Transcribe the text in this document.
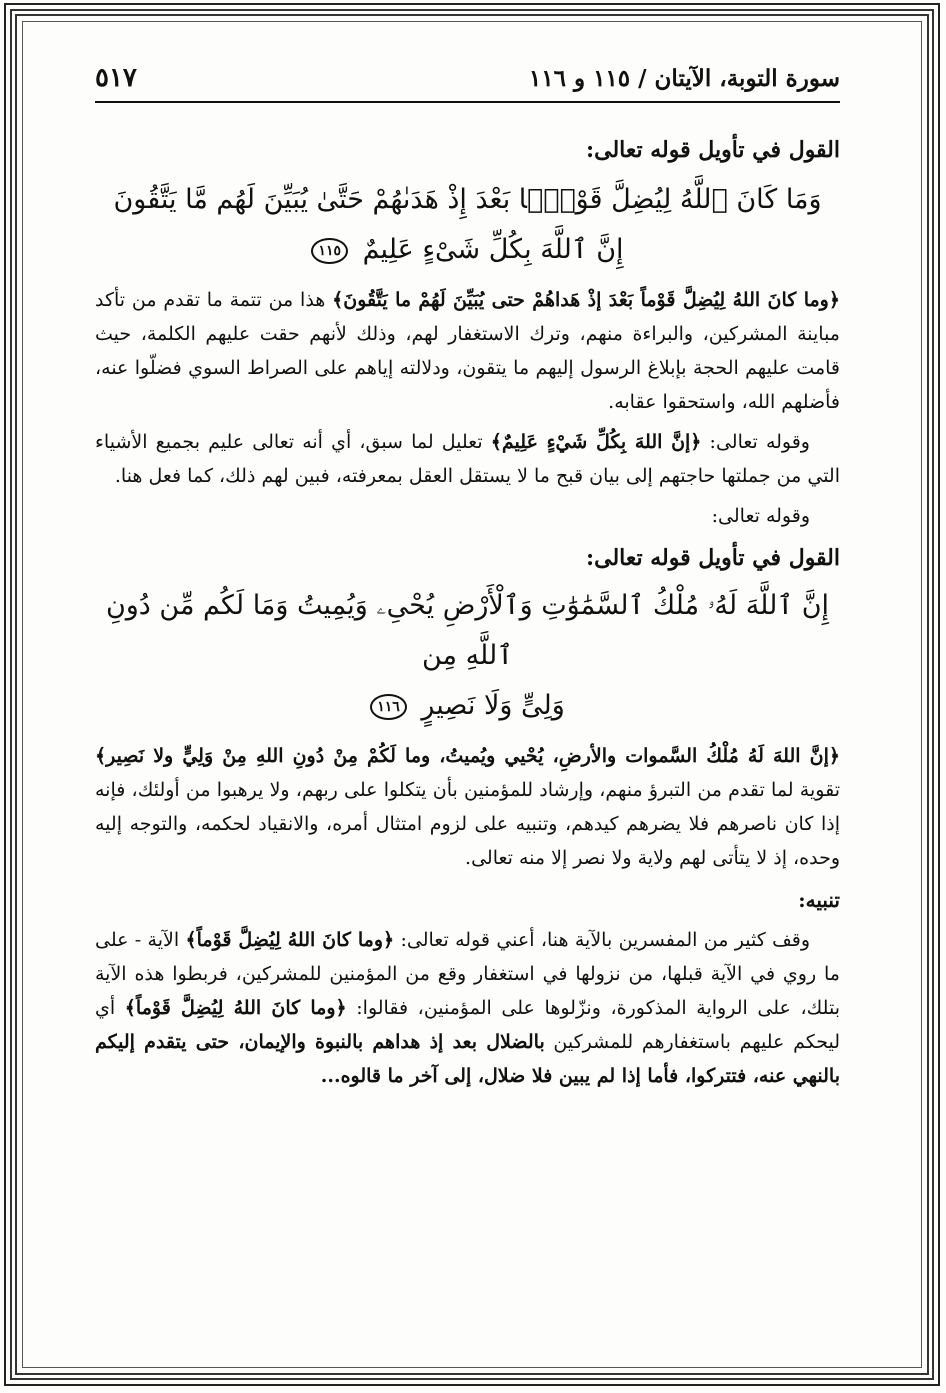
سورة التوبة، الآيتان / ١١٥ و ١١٦
٥١٧

القول في تأويل قوله تعالى:

وَمَا كَانَ ٱللَّهُ لِيُضِلَّ قَوْمًۢا بَعْدَ إِذْ هَدَىٰهُمْ حَتَّىٰ يُبَيِّنَ لَهُم مَّا يَتَّقُونَ

إِنَّ ٱللَّهَ بِكُلِّ شَىْءٍ عَلِيمٌ ١١٥

﴿وما كانَ اللهُ لِيُضِلَّ قَوْماً بَعْدَ إذْ هَداهُمْ حتى يُبَيِّنَ لَهُمْ ما يَتَّقُونَ﴾ هذا من تتمة ما تقدم من تأكد مباينة المشركين، والبراءة منهم، وترك الاستغفار لهم، وذلك لأنهم حقت عليهم الكلمة، حيث قامت عليهم الحجة بإبلاغ الرسول إليهم ما يتقون، ودلالته إياهم على الصراط السوي فضلّوا عنه، فأضلهم الله، واستحقوا عقابه.

وقوله تعالى: ﴿إنَّ اللهَ بِكُلِّ شَيْءٍ عَلِيمٌ﴾ تعليل لما سبق، أي أنه تعالى عليم بجميع الأشياء التي من جملتها حاجتهم إلى بيان قبح ما لا يستقل العقل بمعرفته، فبين لهم ذلك، كما فعل هنا.

وقوله تعالى:

القول في تأويل قوله تعالى:

إِنَّ ٱللَّهَ لَهُۥ مُلْكُ ٱلسَّمَٰوَٰتِ وَٱلْأَرْضِ يُحْىِۦ وَيُمِيتُ وَمَا لَكُم مِّن دُونِ ٱللَّهِ مِن

وَلِىٍّ وَلَا نَصِيرٍ ١١٦

﴿إنَّ اللهَ لَهُ مُلْكُ السَّموات والأرضِ، يُحْيي ويُميتُ، وما لَكُمْ مِنْ دُونِ اللهِ مِنْ وَلِيٍّ ولا نَصِير﴾ تقوية لما تقدم من التبرؤ منهم، وإرشاد للمؤمنين بأن يتكلوا على ربهم، ولا يرهبوا من أولئك، فإنه إذا كان ناصرهم فلا يضرهم كيدهم، وتنبيه على لزوم امتثال أمره، والانقياد لحكمه، والتوجه إليه وحده، إذ لا يتأتى لهم ولاية ولا نصر إلا منه تعالى.

تنبيه:

وقف كثير من المفسرين بالآية هنا، أعني قوله تعالى: ﴿وما كانَ اللهُ لِيُضِلَّ قَوْماً﴾ الآية - على ما روي في الآية قبلها، من نزولها في استغفار وقع من المؤمنين للمشركين، فربطوا هذه الآية بتلك، على الرواية المذكورة، ونزّلوها على المؤمنين، فقالوا: ﴿وما كانَ اللهُ لِيُضِلَّ قَوْماً﴾ أي ليحكم عليهم باستغفارهم للمشركين بالضلال بعد إذ هداهم بالنبوة والإيمان، حتى يتقدم إليكم بالنهي عنه، فتتركوا، فأما إذا لم يبين فلا ضلال، إلى آخر ما قالوه...
